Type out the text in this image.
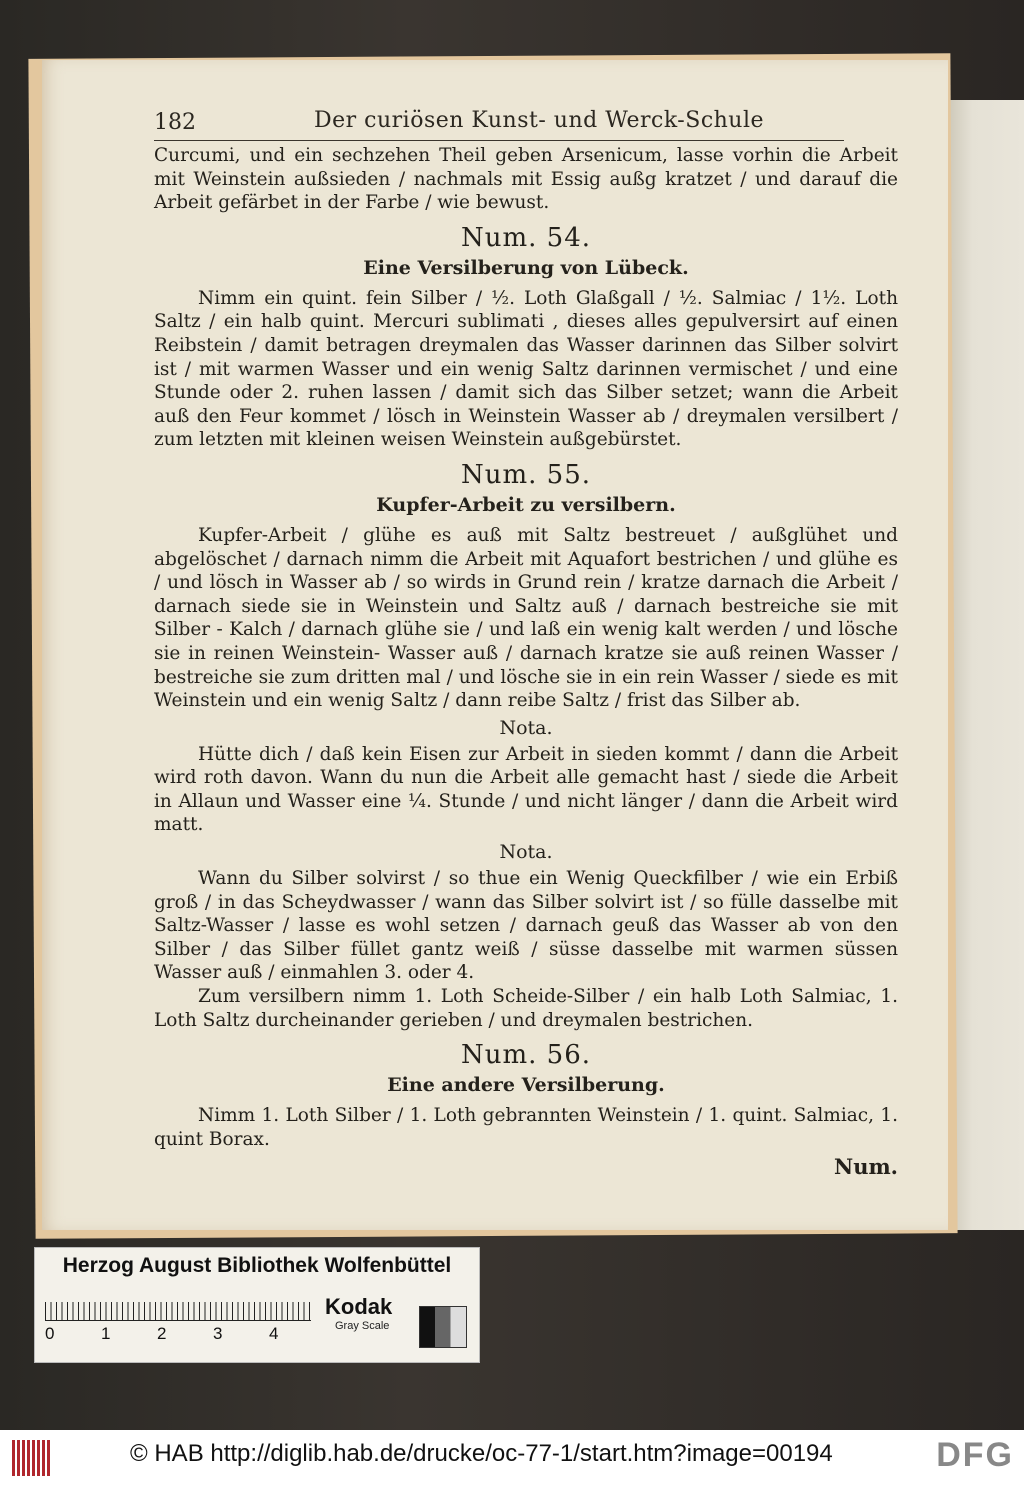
182	Der curiösen Kunst- und Werck-Schule

Curcumi, und ein sechzehen Theil geben Arsenicum, lasse vorhin die Arbeit mit Weinstein außsieden / nachmals mit Essig außg kratzet / und darauf die Arbeit gefärbet in der Farbe / wie bewust.

Num. 54.
Eine Versilberung von Lübeck.

Nimm ein quint. fein Silber / ½. Loth Glaßgall / ½. Salmiac / 1½. Loth Saltz / ein halb quint. Mercuri sublimati , dieses alles gepulversirt auf einen Reibstein / damit betragen dreymalen das Wasser darinnen das Silber solvirt ist / mit warmen Wasser und ein wenig Saltz darinnen vermischet / und eine Stunde oder 2. ruhen lassen / damit sich das Silber setzet; wann die Arbeit auß den Feur kommet / lösch in Weinstein Wasser ab / dreymalen versilbert / zum letzten mit kleinen weisen Weinstein außgebürstet.

Num. 55.
Kupfer-Arbeit zu versilbern.

Kupfer-Arbeit / glühe es auß mit Saltz bestreuet / außglühet und abgelöschet / darnach nimm die Arbeit mit Aquafort bestrichen / und glühe es / und lösch in Wasser ab / so wirds in Grund rein / kratze darnach die Arbeit / darnach siede sie in Weinstein und Saltz auß / darnach bestreiche sie mit Silber - Kalch / darnach glühe sie / und laß ein wenig kalt werden / und lösche sie in reinen Weinstein- Wasser auß / darnach kratze sie auß reinen Wasser / bestreiche sie zum dritten mal / und lösche sie in ein rein Wasser / siede es mit Weinstein und ein wenig Saltz / dann reibe Saltz / frist das Silber ab.

Nota.

Hütte dich / daß kein Eisen zur Arbeit in sieden kommt / dann die Arbeit wird roth davon. Wann du nun die Arbeit alle gemacht hast / siede die Arbeit in Allaun und Wasser eine ¼. Stunde / und nicht länger / dann die Arbeit wird matt.

Nota.

Wann du Silber solvirst / so thue ein Wenig Queckfilber / wie ein Erbiß groß / in das Scheydwasser / wann das Silber solvirt ist / so fülle dasselbe mit Saltz-Wasser / lasse es wohl setzen / darnach geuß das Wasser ab von den Silber / das Silber füllet gantz weiß / süsse dasselbe mit warmen süssen Wasser auß / einmahlen 3. oder 4.

Zum versilbern nimm 1. Loth Scheide-Silber / ein halb Loth Salmiac, 1. Loth Saltz durcheinander gerieben / und dreymalen bestrichen.

Num. 56.
Eine andere Versilberung.

Nimm 1. Loth Silber / 1. Loth gebrannten Weinstein / 1. quint. Salmiac, 1. quint Borax.

Num.
Herzog August Bibliothek Wolfenbüttel
0	1	2	3	4
Kodak
Gray Scale
© HAB http://diglib.hab.de/drucke/oc-77-1/start.htm?image=00194	DFG
